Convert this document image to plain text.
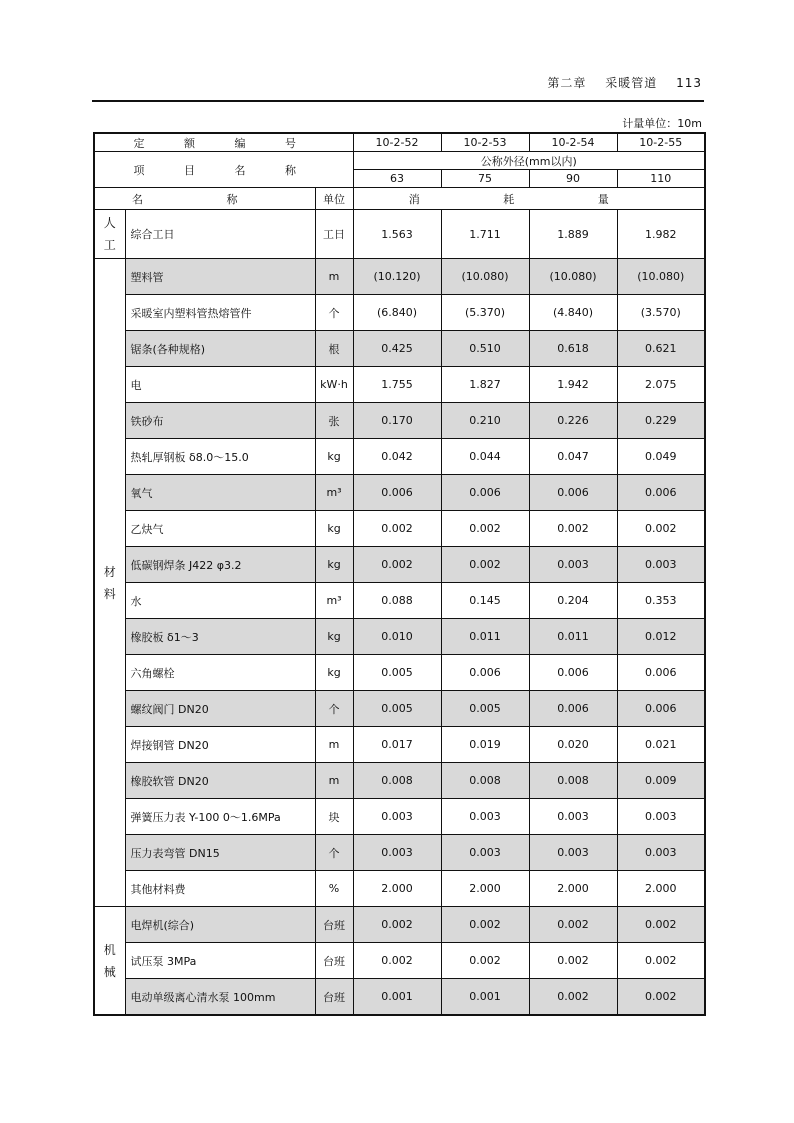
第二章 采暖管道 113
计量单位：10m
定 额 编 号			10-2-52	10-2-53	10-2-54	10-2-55
项 目 名 称			公称外径(mm以内)			
			63	75	90	110
名 称		单位	消 耗 量			
人 工	综合工日	工日	1.563	1.711	1.889	1.982
材 料	塑料管	m	(10.120)	(10.080)	(10.080)	(10.080)
	采暖室内塑料管热熔管件	个	(6.840)	(5.370)	(4.840)	(3.570)
	锯条(各种规格)	根	0.425	0.510	0.618	0.621
	电	kW·h	1.755	1.827	1.942	2.075
	铁砂布	张	0.170	0.210	0.226	0.229
	热轧厚钢板 δ8.0～15.0	kg	0.042	0.044	0.047	0.049
	氧气	m³	0.006	0.006	0.006	0.006
	乙炔气	kg	0.002	0.002	0.002	0.002
	低碳钢焊条 J422 φ3.2	kg	0.002	0.002	0.003	0.003
	水	m³	0.088	0.145	0.204	0.353
	橡胶板 δ1～3	kg	0.010	0.011	0.011	0.012
	六角螺栓	kg	0.005	0.006	0.006	0.006
	螺纹阀门 DN20	个	0.005	0.005	0.006	0.006
	焊接钢管 DN20	m	0.017	0.019	0.020	0.021
	橡胶软管 DN20	m	0.008	0.008	0.008	0.009
	弹簧压力表 Y-100 0～1.6MPa	块	0.003	0.003	0.003	0.003
	压力表弯管 DN15	个	0.003	0.003	0.003	0.003
	其他材料费	%	2.000	2.000	2.000	2.000
机 械	电焊机(综合)	台班	0.002	0.002	0.002	0.002
	试压泵 3MPa	台班	0.002	0.002	0.002	0.002
	电动单级离心清水泵 100mm	台班	0.001	0.001	0.002	0.002
